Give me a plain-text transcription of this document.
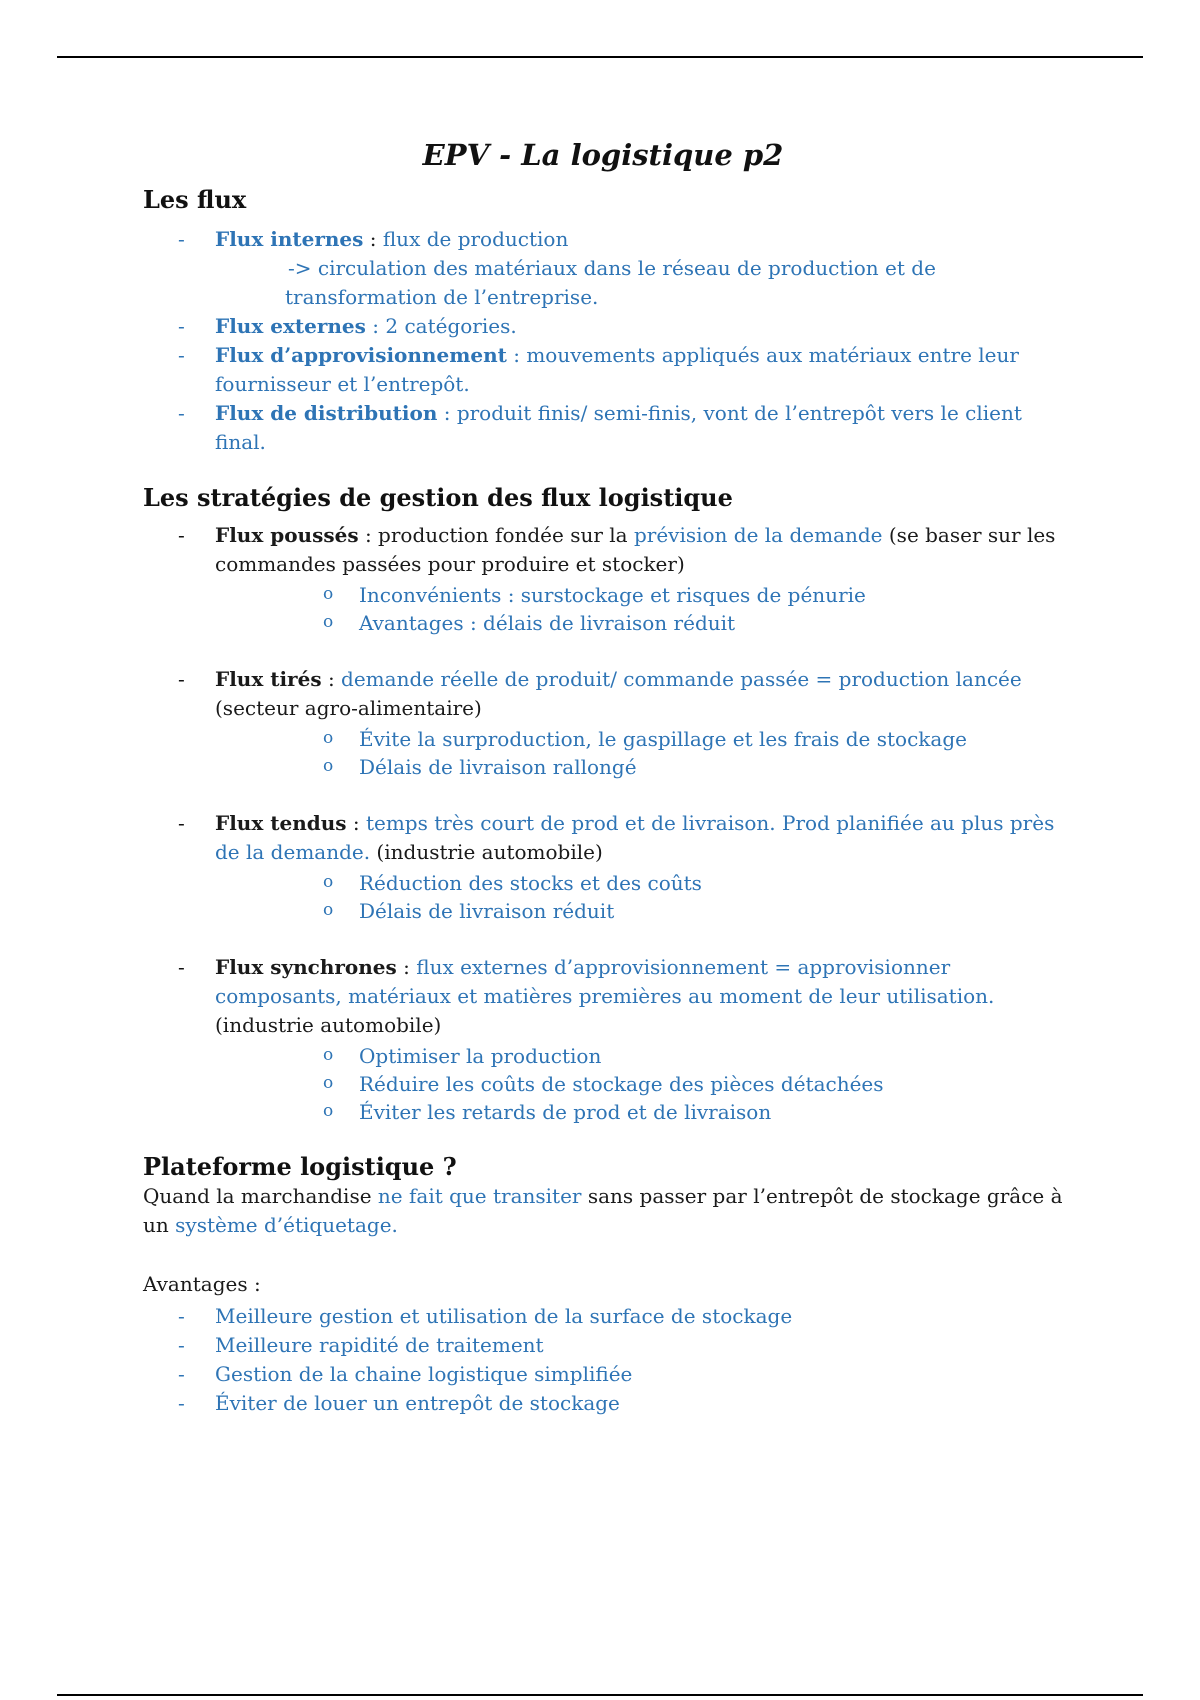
EPV - La logistique p2
Les flux
- Flux internes : flux de production
-> circulation des matériaux dans le réseau de production et de
transformation de l’entreprise.
- Flux externes : 2 catégories.
- Flux d’approvisionnement : mouvements appliqués aux matériaux entre leur fournisseur et l’entrepôt.
- Flux de distribution : produit finis/ semi-finis, vont de l’entrepôt vers le client final.
Les stratégies de gestion des flux logistique
- Flux poussés : production fondée sur la prévision de la demande (se baser sur les commandes passées pour produire et stocker)
o Inconvénients : surstockage et risques de pénurie
o Avantages : délais de livraison réduit
- Flux tirés : demande réelle de produit/ commande passée = production lancée (secteur agro-alimentaire)
o Évite la surproduction, le gaspillage et les frais de stockage
o Délais de livraison rallongé
- Flux tendus : temps très court de prod et de livraison. Prod planifiée au plus près de la demande. (industrie automobile)
o Réduction des stocks et des coûts
o Délais de livraison réduit
- Flux synchrones : flux externes d’approvisionnement = approvisionner composants, matériaux et matières premières au moment de leur utilisation.
(industrie automobile)
o Optimiser la production
o Réduire les coûts de stockage des pièces détachées
o Éviter les retards de prod et de livraison
Plateforme logistique ?

Quand la marchandise ne fait que transiter sans passer par l’entrepôt de stockage grâce à un système d’étiquetage.

Avantages :

- Meilleure gestion et utilisation de la surface de stockage
- Meilleure rapidité de traitement
- Gestion de la chaine logistique simplifiée
- Éviter de louer un entrepôt de stockage
